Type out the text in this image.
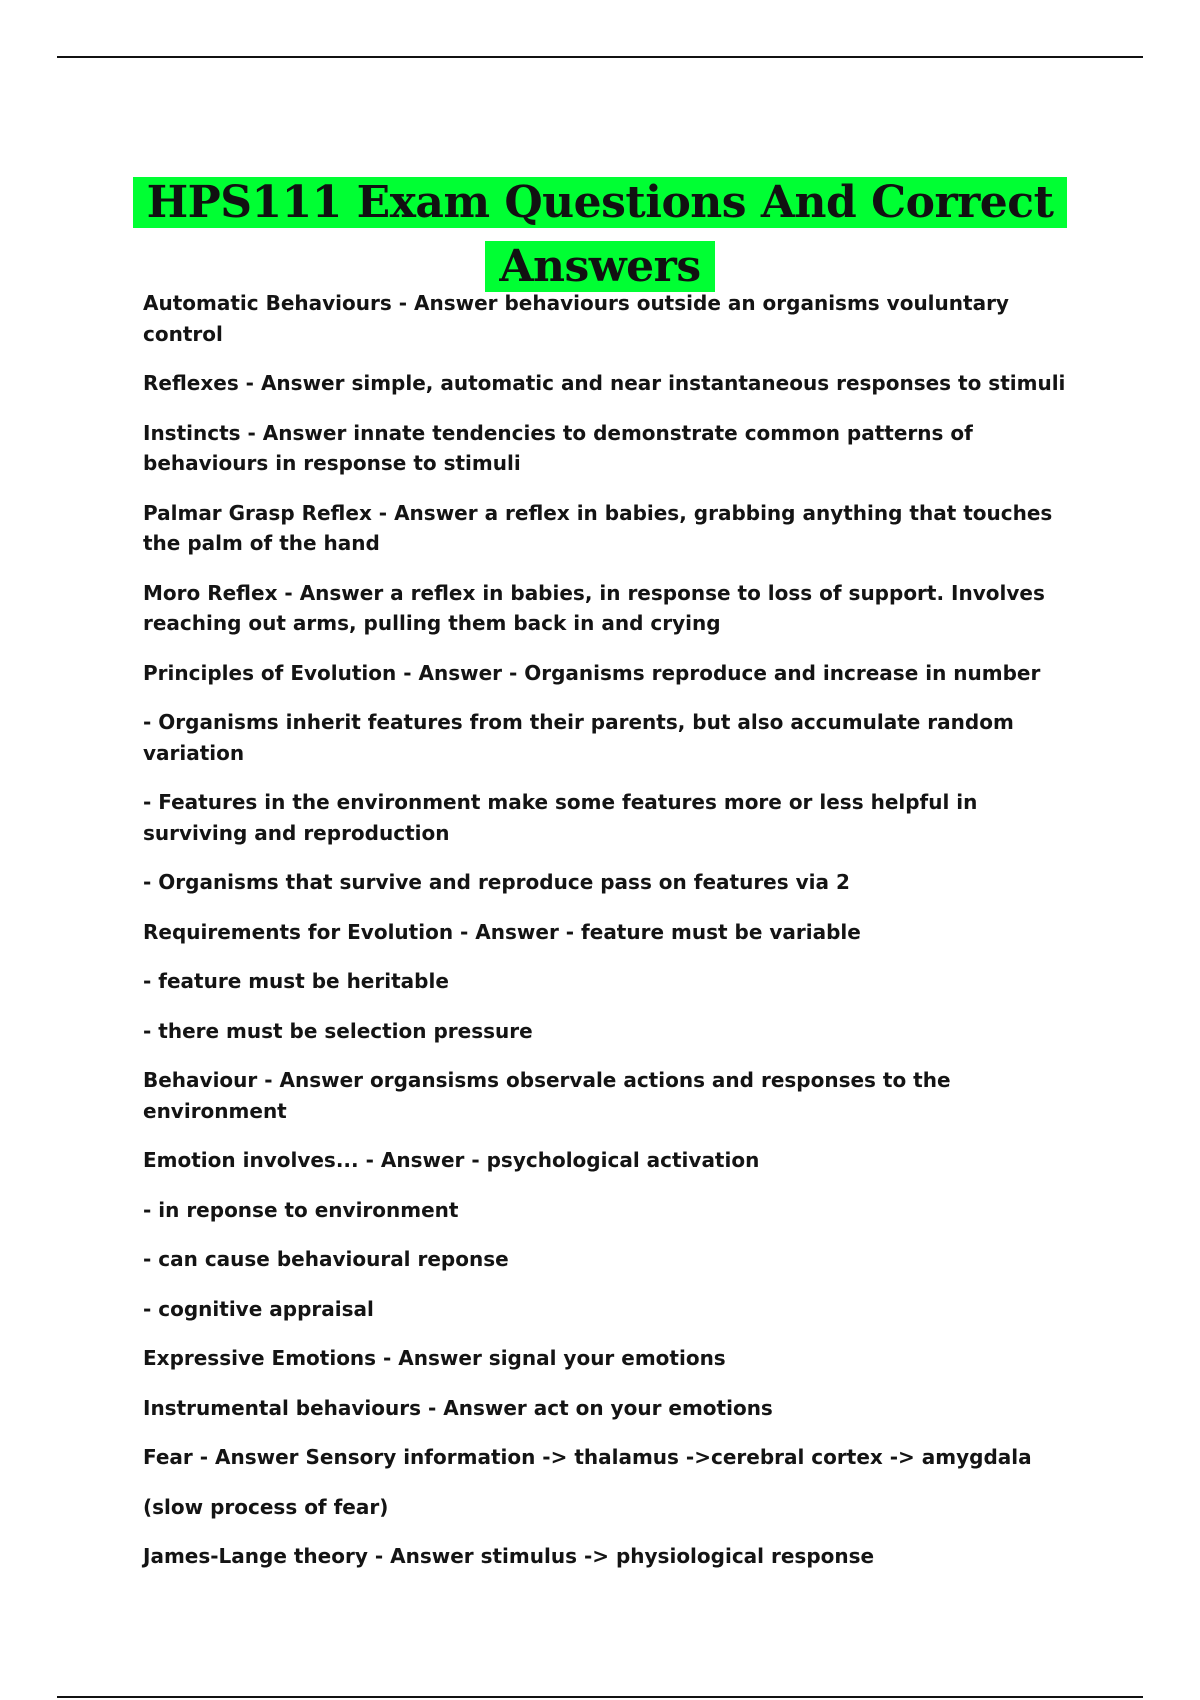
HPS111 Exam Questions And Correct Answers

Automatic Behaviours - Answer behaviours outside an organisms vouluntary control

Reflexes - Answer simple, automatic and near instantaneous responses to stimuli

Instincts - Answer innate tendencies to demonstrate common patterns of behaviours in response to stimuli

Palmar Grasp Reflex - Answer a reflex in babies, grabbing anything that touches the palm of the hand

Moro Reflex - Answer a reflex in babies, in response to loss of support. Involves reaching out arms, pulling them back in and crying

Principles of Evolution - Answer - Organisms reproduce and increase in number

- Organisms inherit features from their parents, but also accumulate random variation

- Features in the environment make some features more or less helpful in surviving and reproduction

- Organisms that survive and reproduce pass on features via 2

Requirements for Evolution - Answer - feature must be variable

- feature must be heritable

- there must be selection pressure

Behaviour - Answer organsisms observale actions and responses to the environment

Emotion involves... - Answer - psychological activation

- in reponse to environment

- can cause behavioural reponse

- cognitive appraisal

Expressive Emotions - Answer signal your emotions

Instrumental behaviours - Answer act on your emotions

Fear - Answer Sensory information -> thalamus ->cerebral cortex -> amygdala

(slow process of fear)

James-Lange theory - Answer stimulus -> physiological response
